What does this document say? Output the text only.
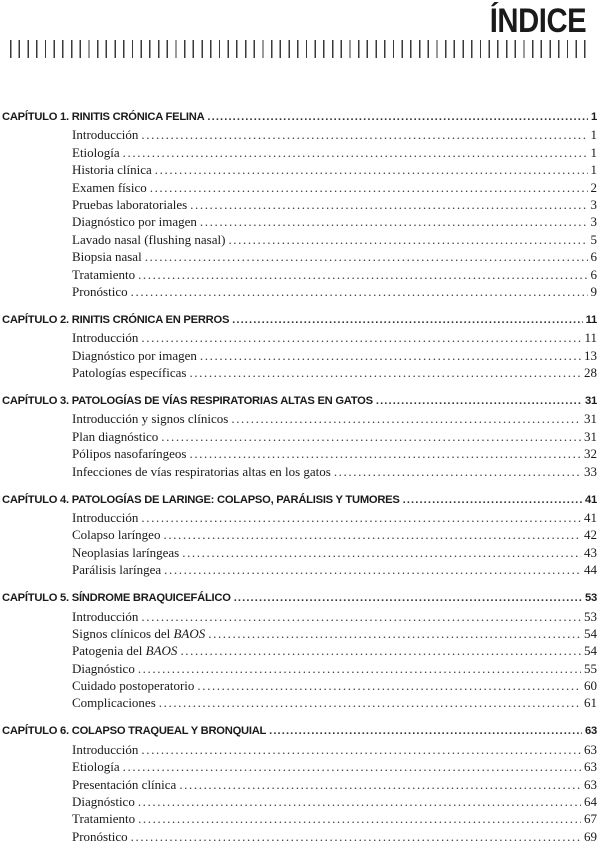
ÍNDICE
CAPÍTULO 1. RINITIS CRÓNICA FELINA .....	1
Introducción .....	1
Etiología .....	1
Historia clínica .....	1
Examen físico .....	2
Pruebas laboratoriales .....	3
Diagnóstico por imagen .....	3
Lavado nasal (flushing nasal) .....	5
Biopsia nasal .....	6
Tratamiento .....	6
Pronóstico .....	9
CAPÍTULO 2. RINITIS CRÓNICA EN PERROS .....	11
Introducción .....	11
Diagnóstico por imagen .....	13
Patologías específicas .....	28
CAPÍTULO 3. PATOLOGÍAS DE VÍAS RESPIRATORIAS ALTAS EN GATOS .....	31
Introducción y signos clínicos .....	31
Plan diagnóstico .....	31
Pólipos nasofaríngeos .....	32
Infecciones de vías respiratorias altas en los gatos .....	33
CAPÍTULO 4. PATOLOGÍAS DE LARINGE: COLAPSO, PARÁLISIS Y TUMORES .....	41
Introducción .....	41
Colapso laríngeo .....	42
Neoplasias laríngeas .....	43
Parálisis laríngea .....	44
CAPÍTULO 5. SÍNDROME BRAQUICEFÁLICO .....	53
Introducción .....	53
Signos clínicos del BAOS .....	54
Patogenia del BAOS .....	54
Diagnóstico .....	55
Cuidado postoperatorio .....	60
Complicaciones .....	61
CAPÍTULO 6. COLAPSO TRAQUEAL Y BRONQUIAL .....	63
Introducción .....	63
Etiología .....	63
Presentación clínica .....	63
Diagnóstico .....	64
Tratamiento .....	67
Pronóstico .....	69
